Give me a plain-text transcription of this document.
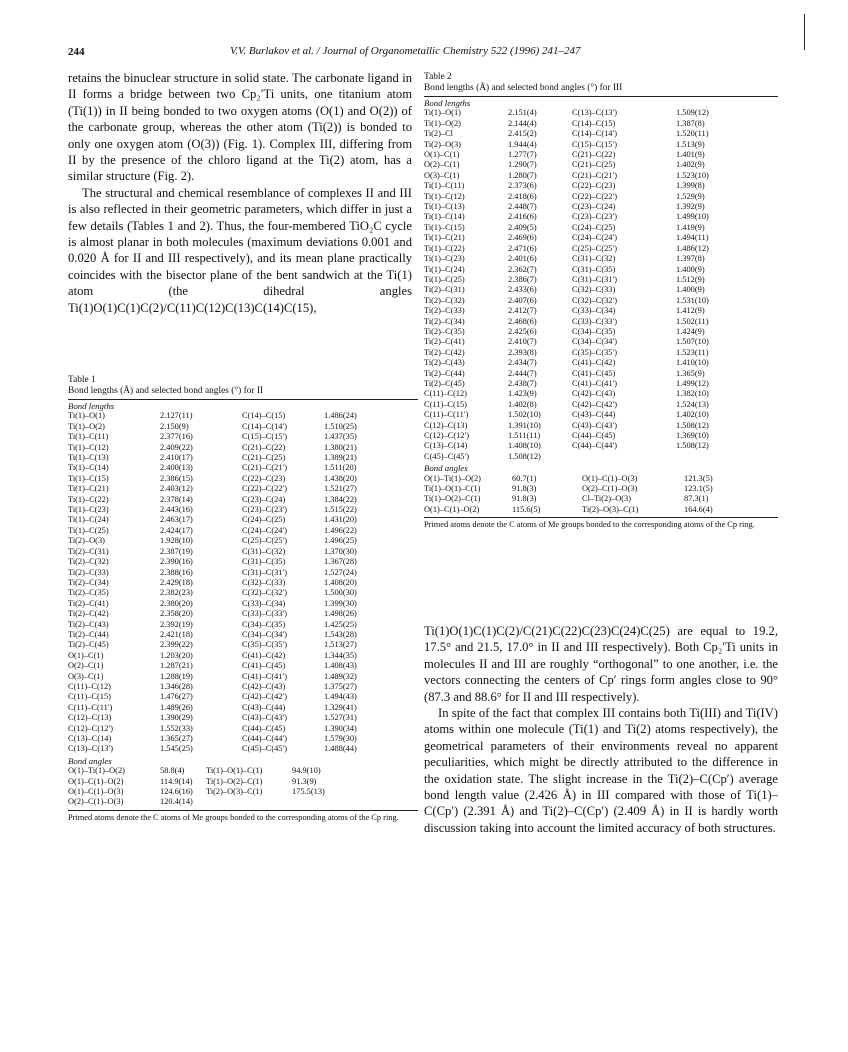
244	V.V. Burlakov et al. / Journal of Organometallic Chemistry 522 (1996) 241–247

retains the binuclear structure in solid state. The carbonate ligand in II forms a bridge between two Cp₂′Ti units, one titanium atom (Ti(1)) in II being bonded to two oxygen atoms (O(1) and O(2)) of the carbonate group, whereas the other atom (Ti(2)) is bonded to only one oxygen atom (O(3)) (Fig. 1). Complex III, differing from II by the presence of the chloro ligand at the Ti(2) atom, has a similar structure (Fig. 2).

The structural and chemical resemblance of complexes II and III is also reflected in their geometric parameters, which differ in just a few details (Tables 1 and 2). Thus, the four-membered TiO₂C cycle is almost planar in both molecules (maximum deviations 0.001 and 0.020 Å for II and III respectively), and its mean plane practically coincides with the bisector plane of the bent sandwich at the Ti(1) atom (the dihedral angles Ti(1)O(1)C(1)C(2)/C(11)C(12)C(13)C(14)C(15),

Table 1
Bond lengths (Å) and selected bond angles (°) for II
Bond lengths
Ti(1)–O(1)	2.127(11)	C(14)–C(15)	1.486(24)
Ti(1)–O(2)	2.150(9)	C(14)–C(14′)	1.510(25)
Ti(1)–C(11)	2.377(16)	C(15)–C(15′)	1.437(35)
Ti(1)–C(12)	2.409(22)	C(21)–C(22)	1.380(21)
Ti(1)–C(13)	2.410(17)	C(21)–C(25)	1.389(21)
Ti(1)–C(14)	2.400(13)	C(21)–C(21′)	1.511(20)
Ti(1)–C(15)	2.386(15)	C(22)–C(23)	1.438(20)
Ti(1)–C(21)	2.403(12)	C(22)–C(22′)	1.521(27)
Ti(1)–C(22)	2.378(14)	C(23)–C(24)	1.384(22)
Ti(1)–C(23)	2.443(16)	C(23)–C(23′)	1.515(22)
Ti(1)–C(24)	2.463(17)	C(24)–C(25)	1.431(20)
Ti(1)–C(25)	2.424(17)	C(24)–C(24′)	1.496(22)
Ti(2)–O(3)	1.928(10)	C(25)–C(25′)	1.496(25)
Ti(2)–C(31)	2.387(19)	C(31)–C(32)	1.370(30)
Ti(2)–C(32)	2.390(16)	C(31)–C(35)	1.367(28)
Ti(2)–C(33)	2.388(16)	C(31)–C(31′)	1.527(24)
Ti(2)–C(34)	2.429(18)	C(32)–C(33)	1.408(20)
Ti(2)–C(35)	2.382(23)	C(32)–C(32′)	1.500(30)
Ti(2)–C(41)	2.380(20)	C(33)–C(34)	1.399(30)
Ti(2)–C(42)	2.358(20)	C(33)–C(33′)	1.498(26)
Ti(2)–C(43)	2.392(19)	C(34)–C(35)	1.425(25)
Ti(2)–C(44)	2.421(18)	C(34)–C(34′)	1.543(28)
Ti(2)–C(45)	2.399(22)	C(35)–C(35′)	1.513(27)
O(1)–C(1)	1.203(20)	C(41)–C(42)	1.344(35)
O(2)–C(1)	1.287(21)	C(41)–C(45)	1.408(43)
O(3)–C(1)	1.288(19)	C(41)–C(41′)	1.489(32)
C(11)–C(12)	1.346(28)	C(42)–C(43)	1.375(27)
C(11)–C(15)	1.476(27)	C(42)–C(42′)	1.494(43)
C(11)–C(11′)	1.489(26)	C(43)–C(44)	1.329(41)
C(12)–C(13)	1.390(29)	C(43)–C(43′)	1.527(31)
C(12)–C(12′)	1.552(33)	C(44)–C(45)	1.390(34)
C(13)–C(14)	1.365(27)	C(44)–C(44′)	1.579(30)
C(13)–C(13′)	1.545(25)	C(45)–C(45′)	1.488(44)
Bond angles
O(1)–Ti(1)–O(2)	58.8(4)	Ti(1)–O(1)–C(1)	94.9(10)
O(1)–C(1)–O(2)	114.9(14)	Ti(1)–O(2)–C(1)	91.3(9)
O(1)–C(1)–O(3)	124.6(16)	Ti(2)–O(3)–C(1)	175.5(13)
O(2)–C(1)–O(3)	120.4(14)		
Primed atoms denote the C atoms of Me groups bonded to the corresponding atoms of the Cp ring.
Table 2
Bond lengths (Å) and selected bond angles (°) for III
Bond lengths
Ti(1)–O(1)	2.151(4)	C(13)–C(13′)	1.509(12)
Ti(1)–O(2)	2.144(4)	C(14)–C(15)	1.387(8)
Ti(2)–Cl	2.415(2)	C(14)–C(14′)	1.520(11)
Ti(2)–O(3)	1.944(4)	C(15)–C(15′)	1.513(9)
O(1)–C(1)	1.277(7)	C(21)–C(22)	1.401(9)
O(2)–C(1)	1.290(7)	C(21)–C(25)	1.402(9)
O(3)–C(1)	1.280(7)	C(21)–C(21′)	1.523(10)
Ti(1)–C(11)	2.373(6)	C(22)–C(23)	1.399(8)
Ti(1)–C(12)	2.418(6)	C(22)–C(22′)	1.529(9)
Ti(1)–C(13)	2.448(7)	C(23)–C(24)	1.392(9)
Ti(1)–C(14)	2.416(6)	C(23)–C(23′)	1.499(10)
Ti(1)–C(15)	2.409(5)	C(24)–C(25)	1.419(9)
Ti(1)–C(21)	2.469(6)	C(24)–C(24′)	1.494(11)
Ti(1)–C(22)	2.471(6)	C(25)–C(25′)	1.486(12)
Ti(1)–C(23)	2.401(6)	C(31)–C(32)	1.397(8)
Ti(1)–C(24)	2.362(7)	C(31)–C(35)	1.400(9)
Ti(1)–C(25)	2.386(7)	C(31)–C(31′)	1.512(9)
Ti(2)–C(31)	2.433(6)	C(32)–C(33)	1.400(9)
Ti(2)–C(32)	2.407(6)	C(32)–C(32′)	1.531(10)
Ti(2)–C(33)	2.412(7)	C(33)–C(34)	1.412(9)
Ti(2)–C(34)	2.468(6)	C(33)–C(33′)	1.502(11)
Ti(2)–C(35)	2.425(6)	C(34)–C(35)	1.424(9)
Ti(2)–C(41)	2.410(7)	C(34)–C(34′)	1.507(10)
Ti(2)–C(42)	2.393(8)	C(35)–C(35′)	1.523(11)
Ti(2)–C(43)	2.434(7)	C(41)–C(42)	1.410(10)
Ti(2)–C(44)	2.444(7)	C(41)–C(45)	1.365(9)
Ti(2)–C(45)	2.438(7)	C(41)–C(41′)	1.499(12)
C(11)–C(12)	1.423(9)	C(42)–C(43)	1.382(10)
C(11)–C(15)	1.402(8)	C(42)–C(42′)	1.524(13)
C(11)–C(11′)	1.502(10)	C(43)–C(44)	1.402(10)
C(12)–C(13)	1.391(10)	C(43)–C(43′)	1.508(12)
C(12)–C(12′)	1.511(11)	C(44)–C(45)	1.369(10)
C(13)–C(14)	1.408(10)	C(44)–C(44′)	1.508(12)
C(45)–C(45′)	1.508(12)		
Bond angles
O(1)–Ti(1)–O(2)	60.7(1)	O(1)–C(1)–O(3)	121.3(5)
Ti(1)–O(1)–C(1)	91.8(3)	O(2)–C(1)–O(3)	123.1(5)
Ti(1)–O(2)–C(1)	91.8(3)	Cl–Ti(2)–O(3)	87.3(1)
O(1)–C(1)–O(2)	115.6(5)	Ti(2)–O(3)–C(1)	164.6(4)
Primed atoms denote the C atoms of Me groups bonded to the corresponding atoms of the Cp ring.

Ti(1)O(1)C(1)C(2)/C(21)C(22)C(23)C(24)C(25) are equal to 19.2, 17.5° and 21.5, 17.0° in II and III respectively). Both Cp₂′Ti units in molecules II and III are roughly “orthogonal” to one another, i.e. the vectors connecting the centers of Cp′ rings form angles close to 90° (87.3 and 88.6° for II and III respectively).

In spite of the fact that complex III contains both Ti(III) and Ti(IV) atoms within one molecule (Ti(1) and Ti(2) atoms respectively), the geometrical parameters of their environments reveal no apparent peculiarities, which might be directly attributed to the difference in the oxidation state. The slight increase in the Ti(2)–C(Cp′) average bond length value (2.426 Å) in III compared with those of Ti(1)–C(Cp′) (2.391 Å) and Ti(2)–C(Cp′) (2.409 Å) in II is hardly worth discussion taking into account the limited accuracy of both structures.
